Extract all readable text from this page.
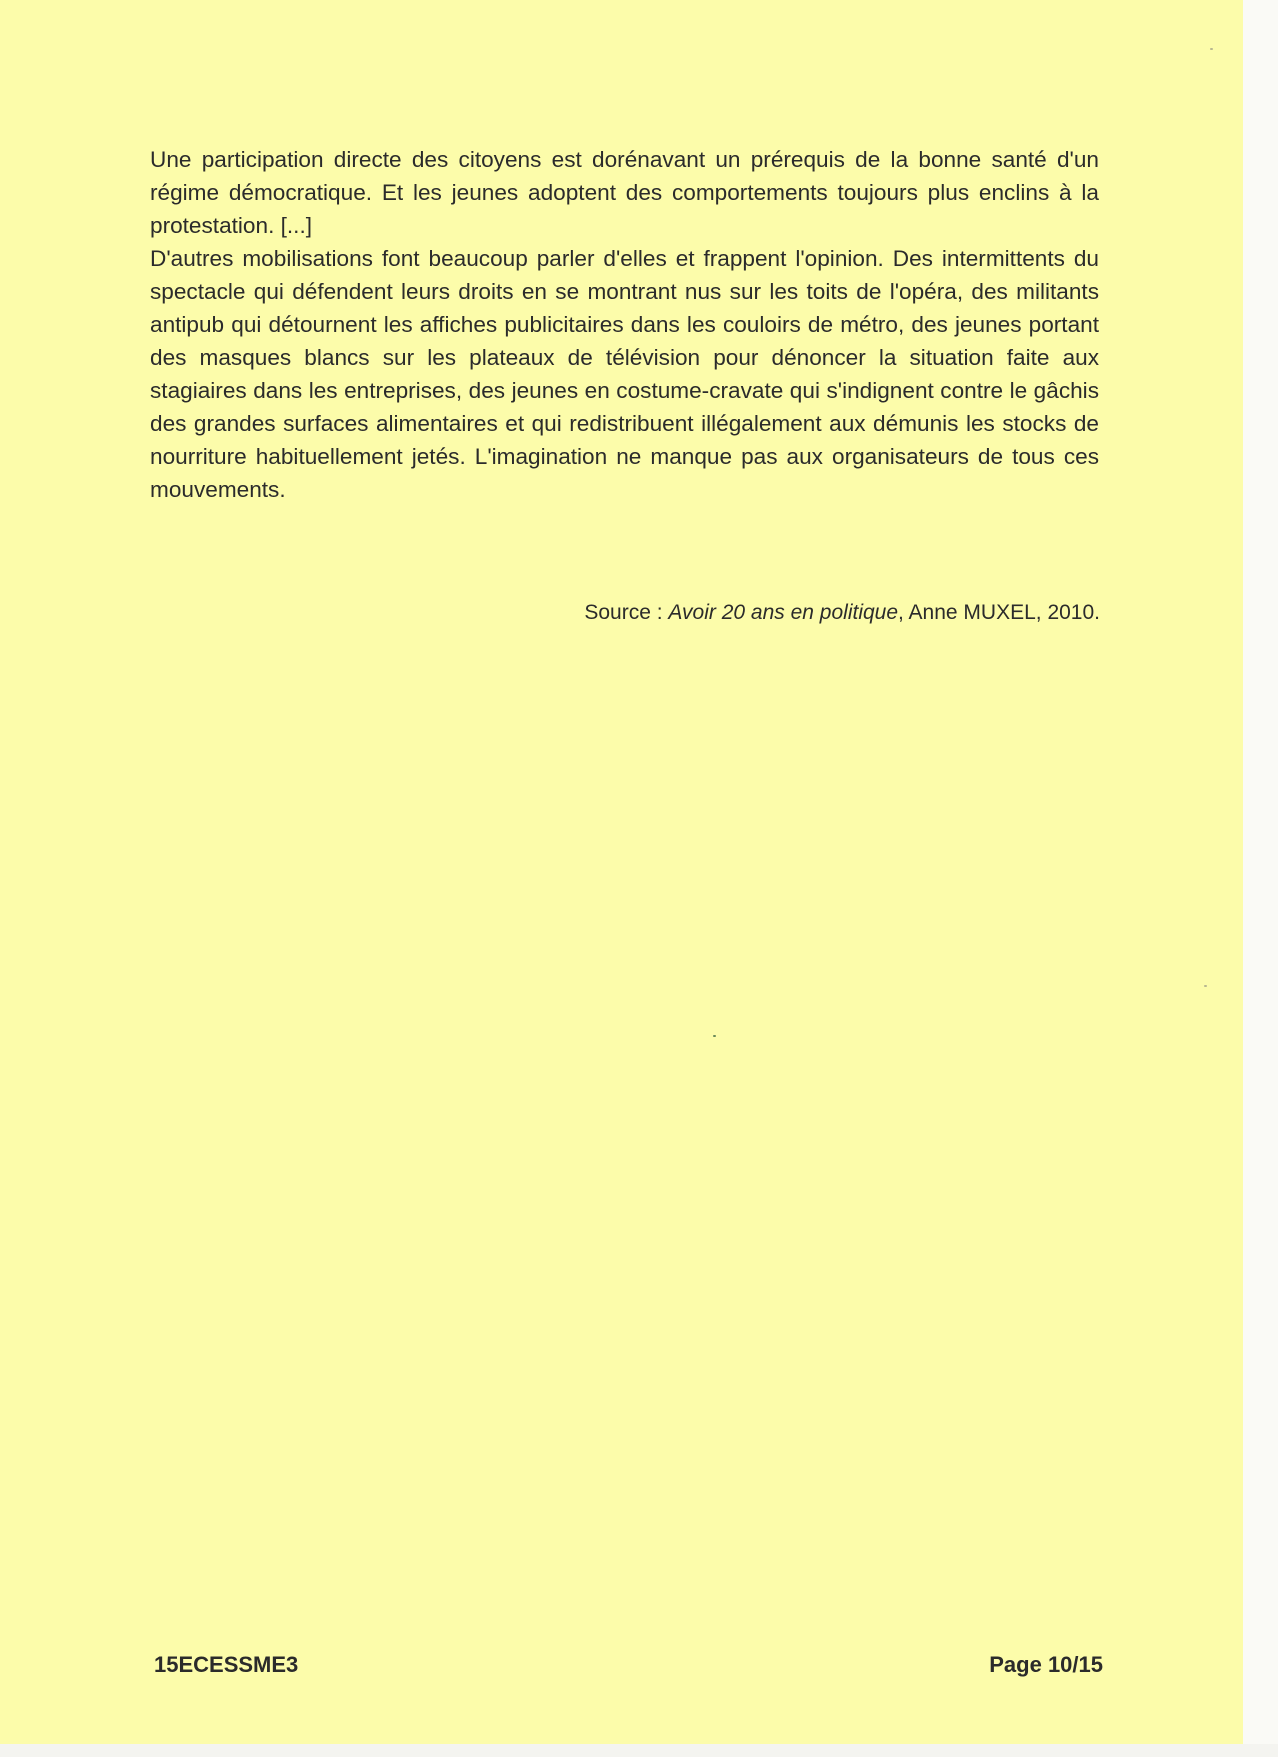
Une participation directe des citoyens est dorénavant un prérequis de la bonne santé d'un régime démocratique. Et les jeunes adoptent des comportements toujours plus enclins à la protestation. [...]

D'autres mobilisations font beaucoup parler d'elles et frappent l'opinion. Des intermittents du spectacle qui défendent leurs droits en se montrant nus sur les toits de l'opéra, des militants antipub qui détournent les affiches publicitaires dans les couloirs de métro, des jeunes portant des masques blancs sur les plateaux de télévision pour dénoncer la situation faite aux stagiaires dans les entreprises, des jeunes en costume-cravate qui s'indignent contre le gâchis des grandes surfaces alimentaires et qui redistribuent illégalement aux démunis les stocks de nourriture habituellement jetés. L'imagination ne manque pas aux organisateurs de tous ces mouvements.

Source : Avoir 20 ans en politique, Anne MUXEL, 2010.
15ECESSME3	Page 10/15
